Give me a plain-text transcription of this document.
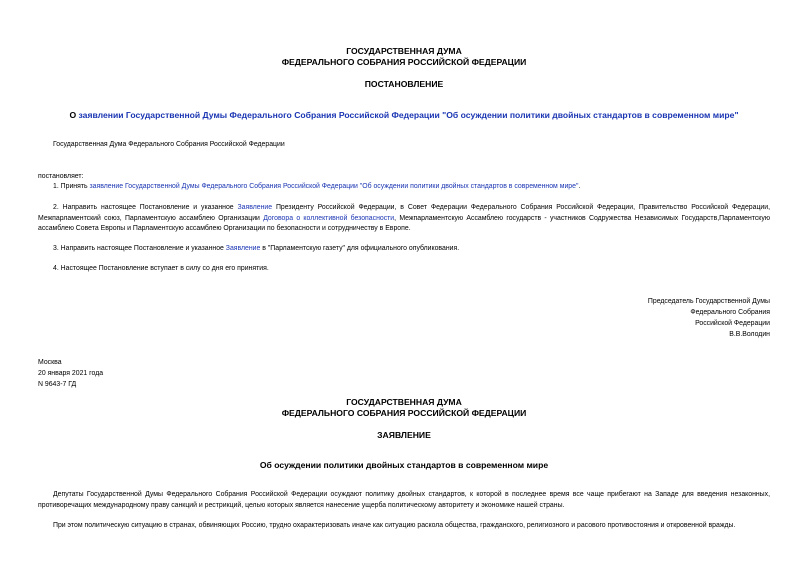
ГОСУДАРСТВЕННАЯ ДУМА
ФЕДЕРАЛЬНОГО СОБРАНИЯ РОССИЙСКОЙ ФЕДЕРАЦИИ
ПОСТАНОВЛЕНИЕ
О заявлении Государственной Думы Федерального Собрания Российской Федерации "Об осуждении политики двойных стандартов в современном мире"
Государственная Дума Федерального Собрания Российской Федерации
постановляет:
1. Принять заявление Государственной Думы Федерального Собрания Российской Федерации "Об осуждении политики двойных стандартов в современном мире".
2. Направить настоящее Постановление и указанное Заявление Президенту Российской Федерации, в Совет Федерации Федерального Собрания Российской Федерации, Правительство Российской Федерации, Межпарламентский союз, Парламентскую ассамблею Организации Договора о коллективной безопасности, Межпарламентскую Ассамблею государств - участников Содружества Независимых Государств,Парламентскую ассамблею Совета Европы и Парламентскую ассамблею Организации по безопасности и сотрудничеству в Европе.
3. Направить настоящее Постановление и указанное Заявление в "Парламентскую газету" для официального опубликования.
4. Настоящее Постановление вступает в силу со дня его принятия.
Председатель Государственной Думы
Федерального Собрания
Российской Федерации
В.В.Володин
Москва
20 января 2021 года
N 9643-7 ГД
ГОСУДАРСТВЕННАЯ ДУМА
ФЕДЕРАЛЬНОГО СОБРАНИЯ РОССИЙСКОЙ ФЕДЕРАЦИИ
ЗАЯВЛЕНИЕ
Об осуждении политики двойных стандартов в современном мире
Депутаты Государственной Думы Федерального Собрания Российской Федерации осуждают политику двойных стандартов, к которой в последнее время все чаще прибегают на Западе для введения незаконных, противоречащих международному праву санкций и рестрикций, целью которых является нанесение ущерба политическому авторитету и экономике нашей страны.
При этом политическую ситуацию в странах, обвиняющих Россию, трудно охарактеризовать иначе как ситуацию раскола общества, гражданского, религиозного и расового противостояния и откровенной вражды.
